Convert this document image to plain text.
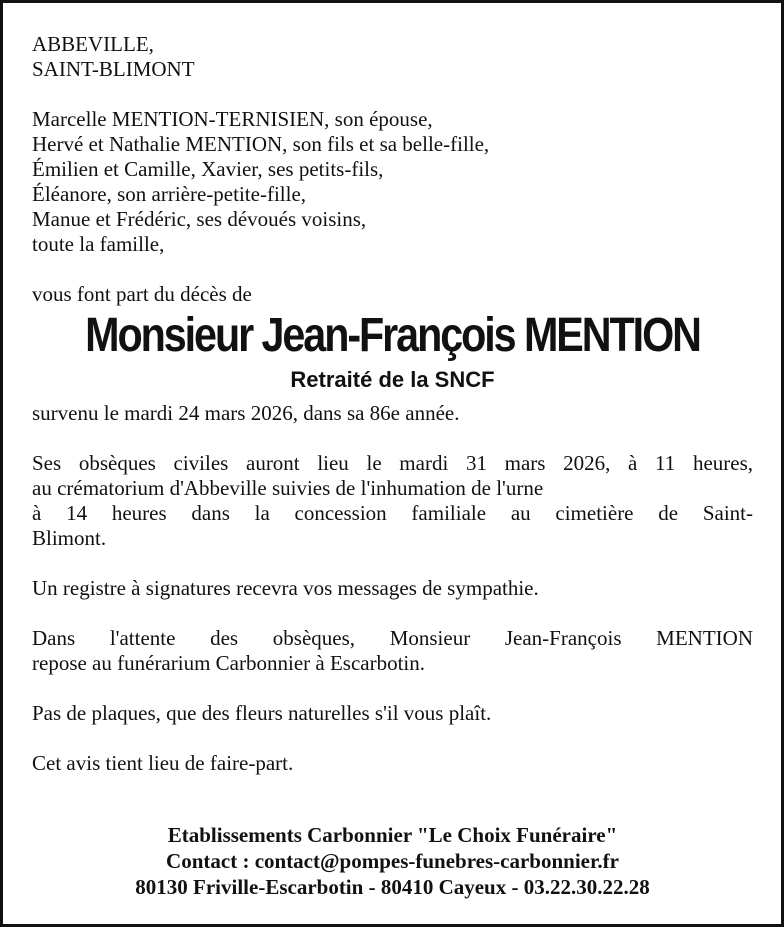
ABBEVILLE,
SAINT-BLIMONT
Marcelle MENTION-TERNISIEN, son épouse,
Hervé et Nathalie MENTION, son fils et sa belle-fille,
Émilien et Camille, Xavier, ses petits-fils,
Éléanore, son arrière-petite-fille,
Manue et Frédéric, ses dévoués voisins,
toute la famille,
vous font part du décès de
Monsieur Jean-François MENTION
Retraité de la SNCF
survenu le mardi 24 mars 2026, dans sa 86e année.
Ses obsèques civiles auront lieu le mardi 31 mars 2026, à 11 heures,
au crématorium d'Abbeville suivies de l'inhumation de l'urne
à 14 heures dans la concession familiale au cimetière de Saint-
Blimont.
Un registre à signatures recevra vos messages de sympathie.
Dans l'attente des obsèques, Monsieur Jean-François MENTION
repose au funérarium Carbonnier à Escarbotin.
Pas de plaques, que des fleurs naturelles s'il vous plaît.
Cet avis tient lieu de faire-part.
Etablissements Carbonnier "Le Choix Funéraire"
Contact : contact@pompes-funebres-carbonnier.fr
80130 Friville-Escarbotin - 80410 Cayeux - 03.22.30.22.28
